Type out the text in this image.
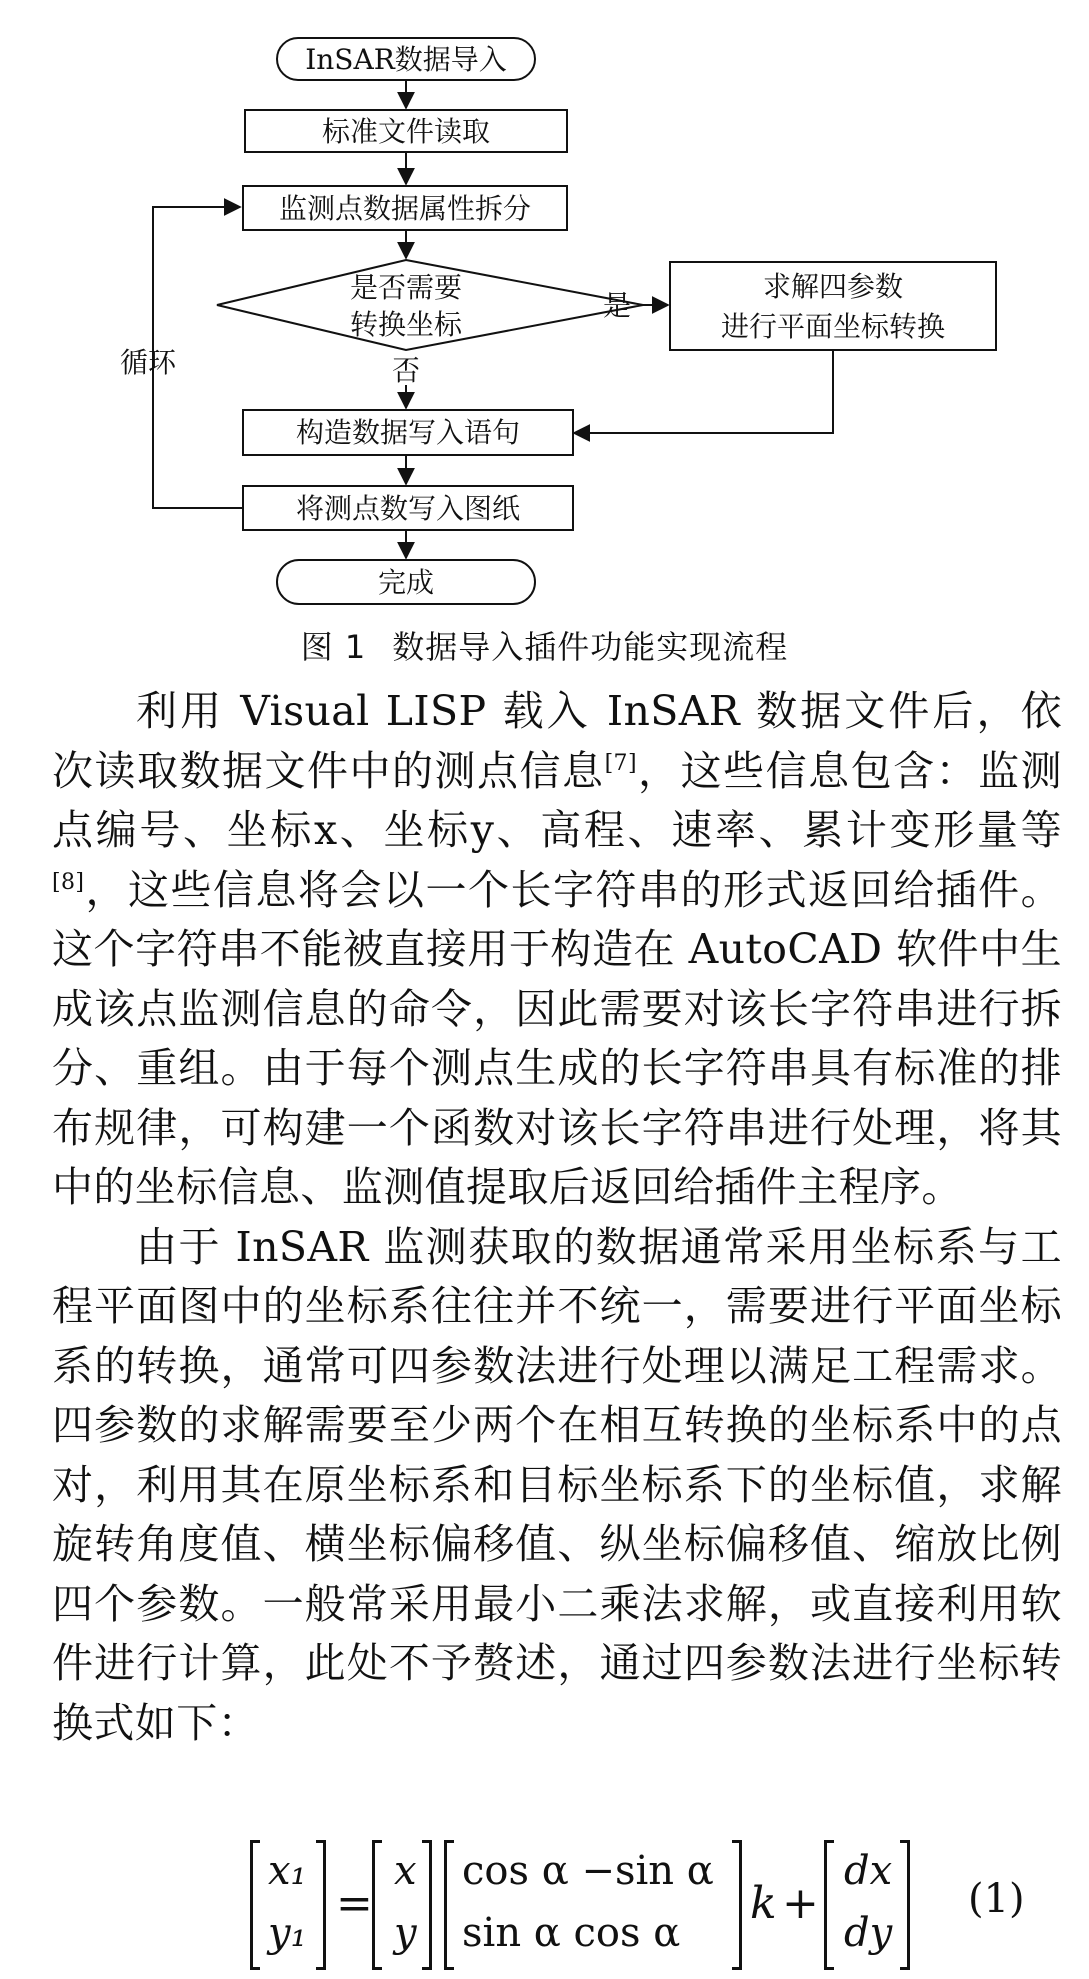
InSAR数据导入
标准文件读取
监测点数据属性拆分
是否需要
转换坐标
求解四参数
进行平面坐标转换
构造数据写入语句
将测点数写入图纸
完成
是
否
循环
图 1 数据导入插件功能实现流程

利用 Visual LISP 载入 InSAR 数据文件后，依次读取数据文件中的测点信息[7]，这些信息包含：监测点编号、坐标x、坐标y、高程、速率、累计变形量等[8]，这些信息将会以一个长字符串的形式返回给插件。这个字符串不能被直接用于构造在 AutoCAD 软件中生成该点监测信息的命令，因此需要对该长字符串进行拆分、重组。由于每个测点生成的长字符串具有标准的排布规律，可构建一个函数对该长字符串进行处理，将其中的坐标信息、监测值提取后返回给插件主程序。

由于 InSAR 监测获取的数据通常采用坐标系与工程平面图中的坐标系往往并不统一，需要进行平面坐标系的转换，通常可四参数法进行处理以满足工程需求。四参数的求解需要至少两个在相互转换的坐标系中的点对，利用其在原坐标系和目标坐标系下的坐标值，求解旋转角度值、横坐标偏移值、纵坐标偏移值、缩放比例四个参数。一般常采用最小二乘法求解，或直接利用软件进行计算，此处不予赘述，通过四参数法进行坐标转换式如下：

x₁
y₁
=
x
y
cos α −sin α
sin α cos α
k +
dx
dy
(1)
